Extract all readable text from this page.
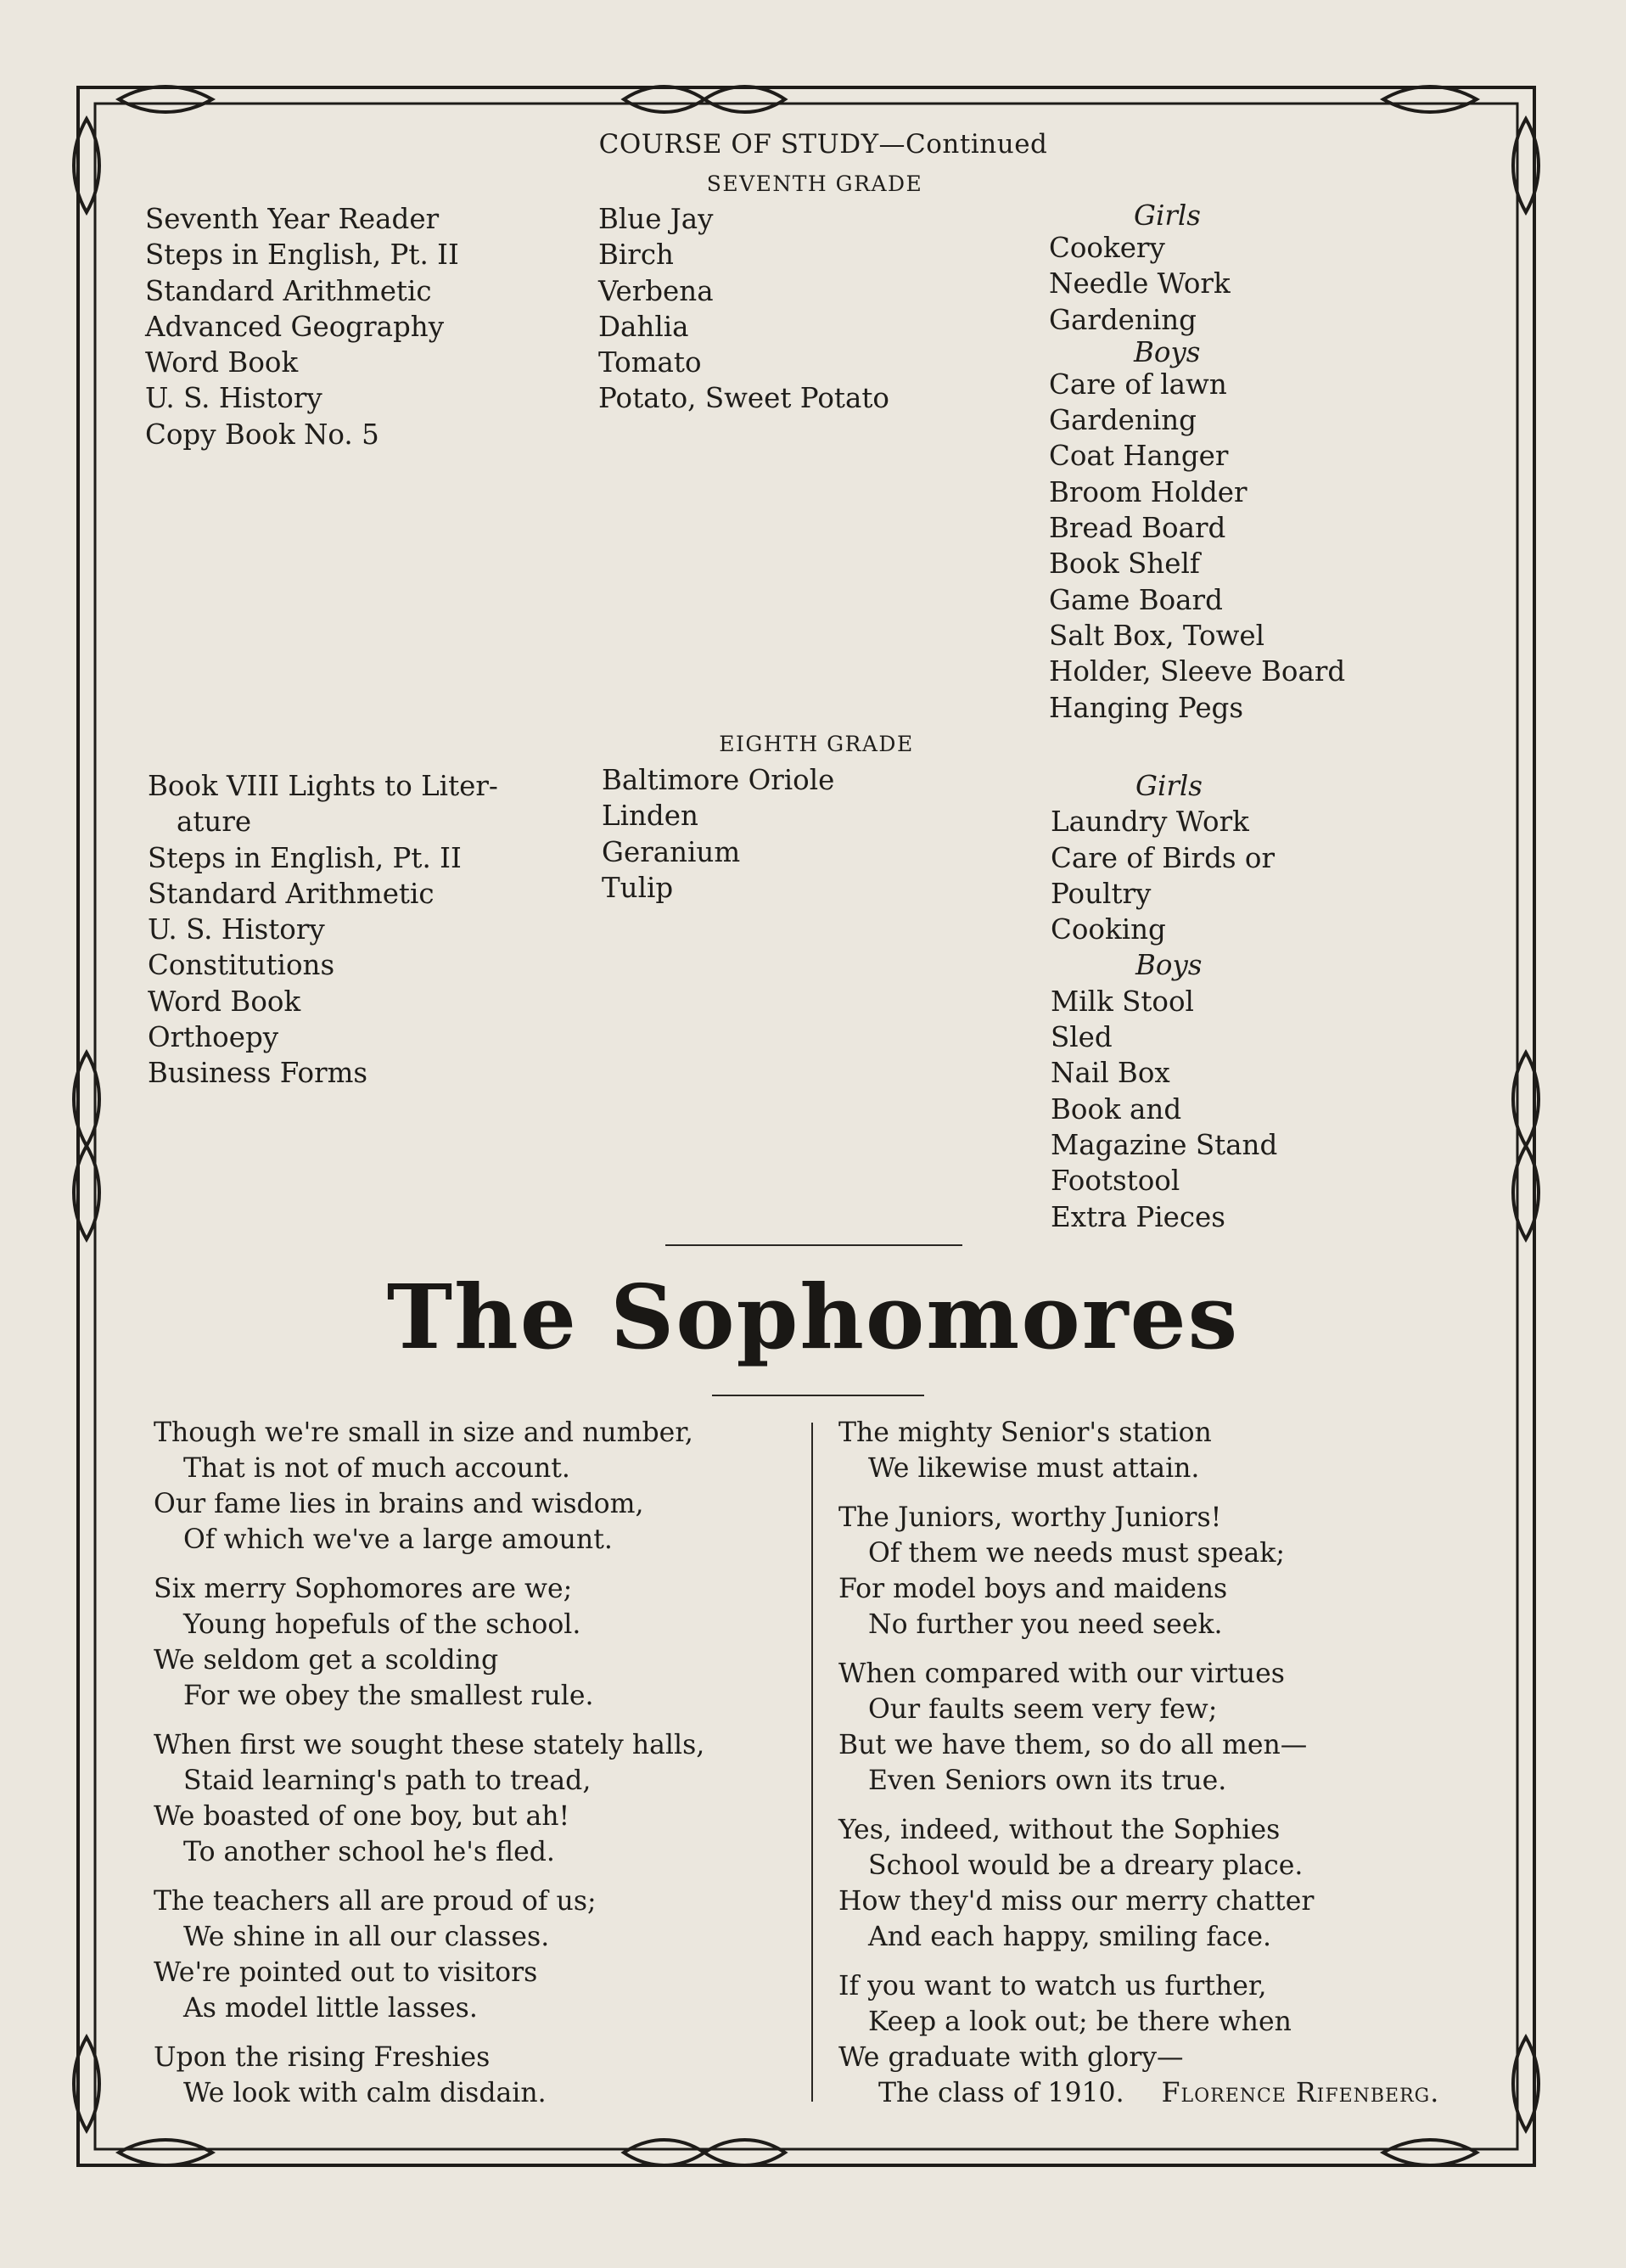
COURSE OF STUDY—Continued
SEVENTH GRADE
Seventh Year Reader
Steps in English, Pt. II
Standard Arithmetic
Advanced Geography
Word Book
U. S. History
Copy Book No. 5
Blue Jay
Birch
Verbena
Dahlia
Tomato
Potato, Sweet Potato
Girls
Cookery
Needle Work
Gardening
Boys
Care of lawn
Gardening
Coat Hanger
Broom Holder
Bread Board
Book Shelf
Game Board
Salt Box, Towel
Holder, Sleeve Board
Hanging Pegs
EIGHTH GRADE
Book VIII Lights to Liter-
ature
Steps in English, Pt. II
Standard Arithmetic
U. S. History
Constitutions
Word Book
Orthoepy
Business Forms
Baltimore Oriole
Linden
Geranium
Tulip
Girls
Laundry Work
Care of Birds or
Poultry
Cooking
Boys
Milk Stool
Sled
Nail Box
Book and
Magazine Stand
Footstool
Extra Pieces
The Sophomores
Though we're small in size and number,
That is not of much account.
Our fame lies in brains and wisdom,
Of which we've a large amount.
Six merry Sophomores are we;
Young hopefuls of the school.
We seldom get a scolding
For we obey the smallest rule.
When first we sought these stately halls,
Staid learning's path to tread,
We boasted of one boy, but ah!
To another school he's fled.
The teachers all are proud of us;
We shine in all our classes.
We're pointed out to visitors
As model little lasses.
Upon the rising Freshies
We look with calm disdain.
The mighty Senior's station
We likewise must attain.
The Juniors, worthy Juniors!
Of them we needs must speak;
For model boys and maidens
No further you need seek.
When compared with our virtues
Our faults seem very few;
But we have them, so do all men—
Even Seniors own its true.
Yes, indeed, without the Sophies
School would be a dreary place.
How they'd miss our merry chatter
And each happy, smiling face.
If you want to watch us further,
Keep a look out; be there when
We graduate with glory—
The class of 1910. Florence Rifenberg.
